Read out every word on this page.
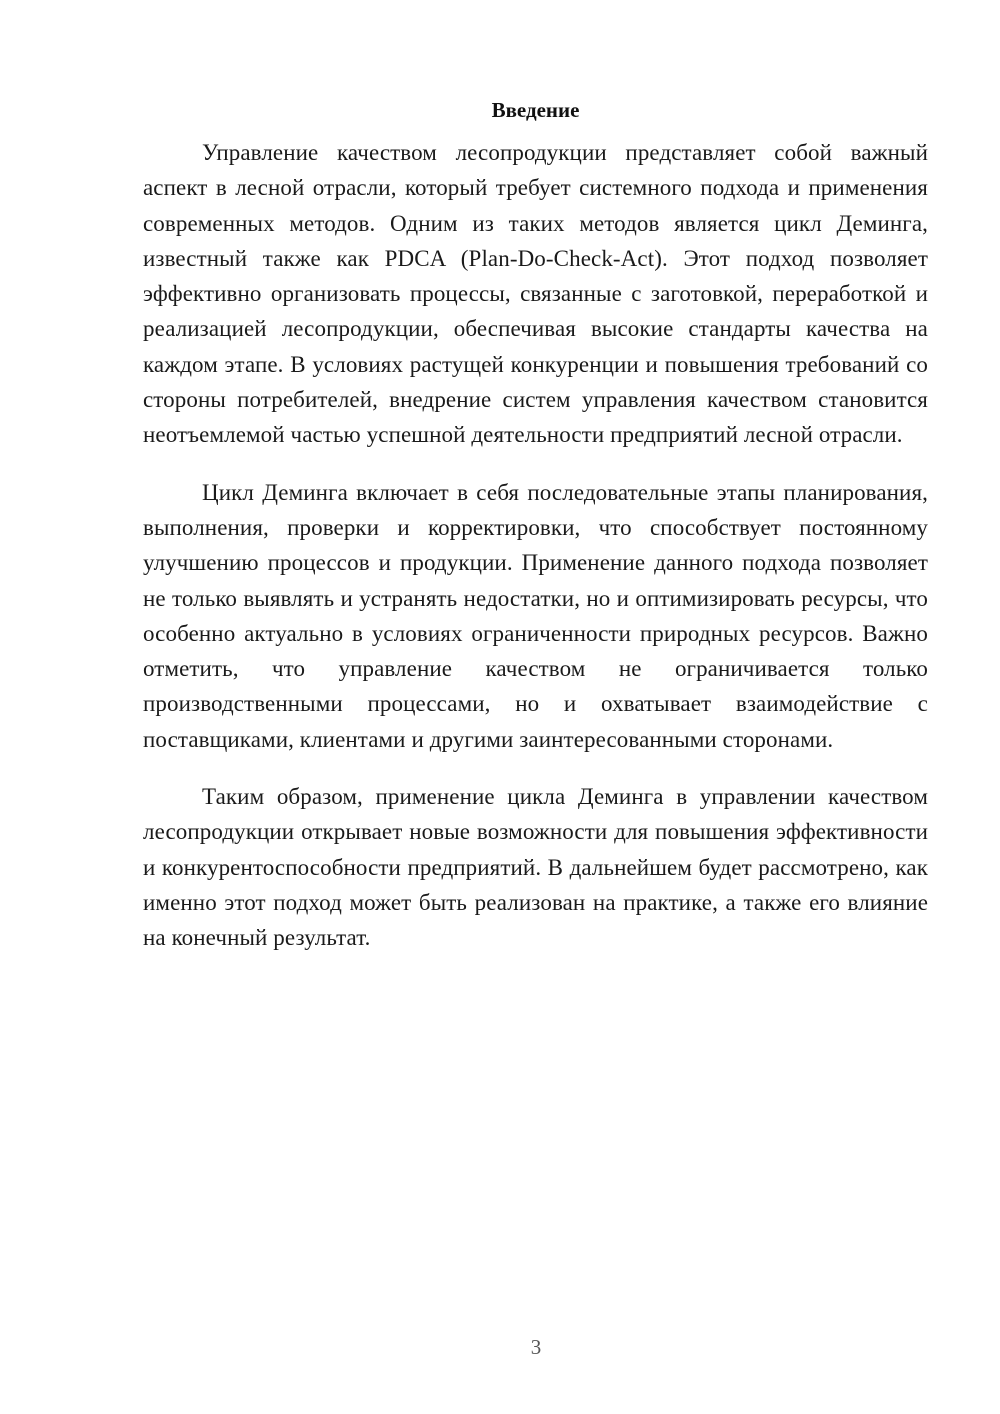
Введение

Управление качеством лесопродукции представляет собой важный аспект в лесной отрасли, который требует системного подхода и применения современных методов. Одним из таких методов является цикл Деминга, известный также как PDCA (Plan-Do-Check-Act). Этот подход позволяет эффективно организовать процессы, связанные с заготовкой, переработкой и реализацией лесопродукции, обеспечивая высокие стандарты качества на каждом этапе. В условиях растущей конкуренции и повышения требований со стороны потребителей, внедрение систем управления качеством становится неотъемлемой частью успешной деятельности предприятий лесной отрасли.

Цикл Деминга включает в себя последовательные этапы планирования, выполнения, проверки и корректировки, что способствует постоянному улучшению процессов и продукции. Применение данного подхода позволяет не только выявлять и устранять недостатки, но и оптимизировать ресурсы, что особенно актуально в условиях ограниченности природных ресурсов. Важно отметить, что управление качеством не ограничивается только производственными процессами, но и охватывает взаимодействие с поставщиками, клиентами и другими заинтересованными сторонами.

Таким образом, применение цикла Деминга в управлении качеством лесопродукции открывает новые возможности для повышения эффективности и конкурентоспособности предприятий. В дальнейшем будет рассмотрено, как именно этот подход может быть реализован на практике, а также его влияние на конечный результат.

3
